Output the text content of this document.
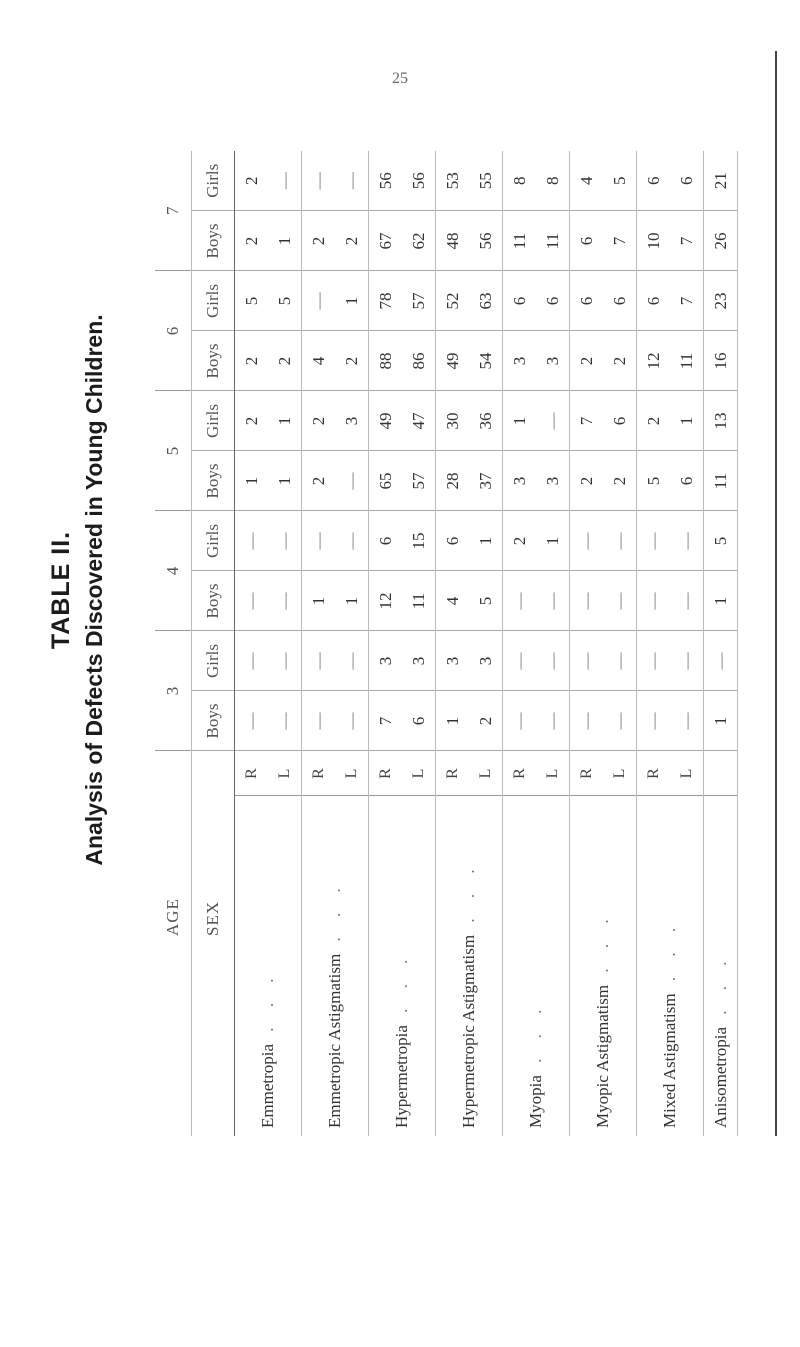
25
TABLE II. Analysis of Defects Discovered in Young Children.
AGE		3		4		5		6		7	
SEX		Boys	Girls	Boys	Girls	Boys	Girls	Boys	Girls	Boys	Girls
Emmetropia . . .	R	—	—	—	—	1	2	2	5	2	2
	L	—	—	—	—	1	1	2	5	1	—
Emmetropic Astigmatism . . .	R	—	—	1	—	2	2	4	—	2	—
	L	—	—	1	—	—	3	2	1	2	—
Hypermetropia . . .	R	7	3	12	6	65	49	88	78	67	56
	L	6	3	11	15	57	47	86	57	62	56
Hypermetropic Astigmatism . . .	R	1	3	4	6	28	30	49	52	48	53
	L	2	3	5	1	37	36	54	63	56	55
Myopia . . .	R	—	—	—	2	3	1	3	6	11	8
	L	—	—	—	1	3	—	3	6	11	8
Myopic Astigmatism . . .	R	—	—	—	—	2	7	2	6	6	4
	L	—	—	—	—	2	6	2	6	7	5
Mixed Astigmatism . . .	R	—	—	—	—	5	2	12	6	10	6
	L	—	—	—	—	6	1	11	7	7	6
Anisometropia . . .		1	—	1	5	11	13	16	23	26	21
